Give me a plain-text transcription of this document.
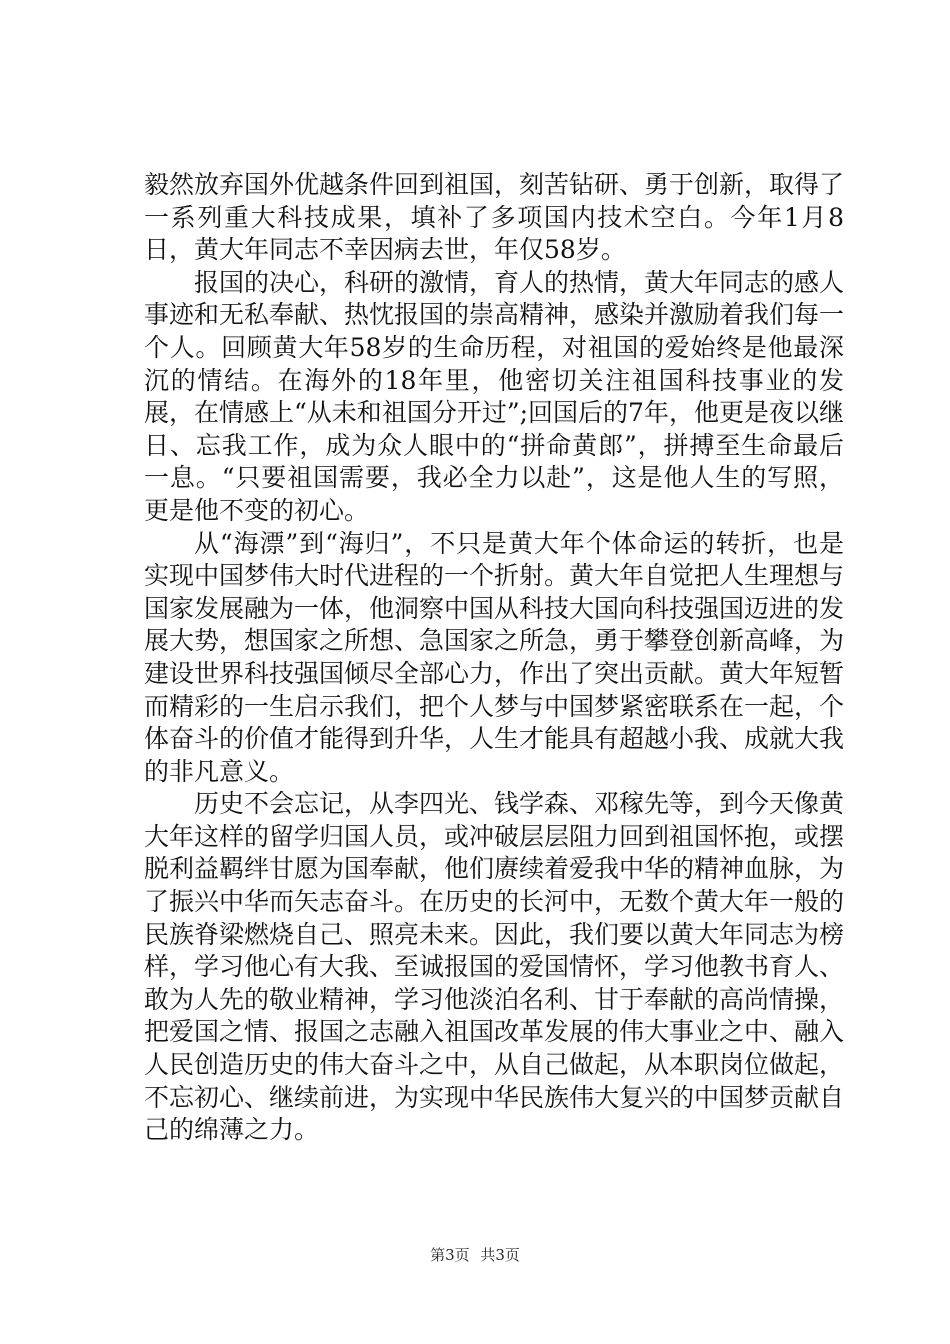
毅然放弃国外优越条件回到祖国，刻苦钻研、勇于创新，取得了一系列重大科技成果，填补了多项国内技术空白。今年1月8日，黄大年同志不幸因病去世，年仅58岁。

报国的决心，科研的激情，育人的热情，黄大年同志的感人事迹和无私奉献、热忱报国的崇高精神，感染并激励着我们每一个人。回顾黄大年58岁的生命历程，对祖国的爱始终是他最深沉的情结。在海外的18年里，他密切关注祖国科技事业的发展，在情感上“从未和祖国分开过”;回国后的7年，他更是夜以继日、忘我工作，成为众人眼中的“拼命黄郎”，拼搏至生命最后一息。“只要祖国需要，我必全力以赴”，这是他人生的写照，更是他不变的初心。

从“海漂”到“海归”，不只是黄大年个体命运的转折，也是实现中国梦伟大时代进程的一个折射。黄大年自觉把人生理想与国家发展融为一体，他洞察中国从科技大国向科技强国迈进的发展大势，想国家之所想、急国家之所急，勇于攀登创新高峰，为建设世界科技强国倾尽全部心力，作出了突出贡献。黄大年短暂而精彩的一生启示我们，把个人梦与中国梦紧密联系在一起，个体奋斗的价值才能得到升华，人生才能具有超越小我、成就大我的非凡意义。

历史不会忘记，从李四光、钱学森、邓稼先等，到今天像黄大年这样的留学归国人员，或冲破层层阻力回到祖国怀抱，或摆脱利益羁绊甘愿为国奉献，他们赓续着爱我中华的精神血脉，为了振兴中华而矢志奋斗。在历史的长河中，无数个黄大年一般的民族脊梁燃烧自己、照亮未来。因此，我们要以黄大年同志为榜样，学习他心有大我、至诚报国的爱国情怀，学习他教书育人、敢为人先的敬业精神，学习他淡泊名利、甘于奉献的高尚情操，把爱国之情、报国之志融入祖国改革发展的伟大事业之中、融入人民创造历史的伟大奋斗之中，从自己做起，从本职岗位做起，不忘初心、继续前进，为实现中华民族伟大复兴的中国梦贡献自己的绵薄之力。

第3页 共3页
